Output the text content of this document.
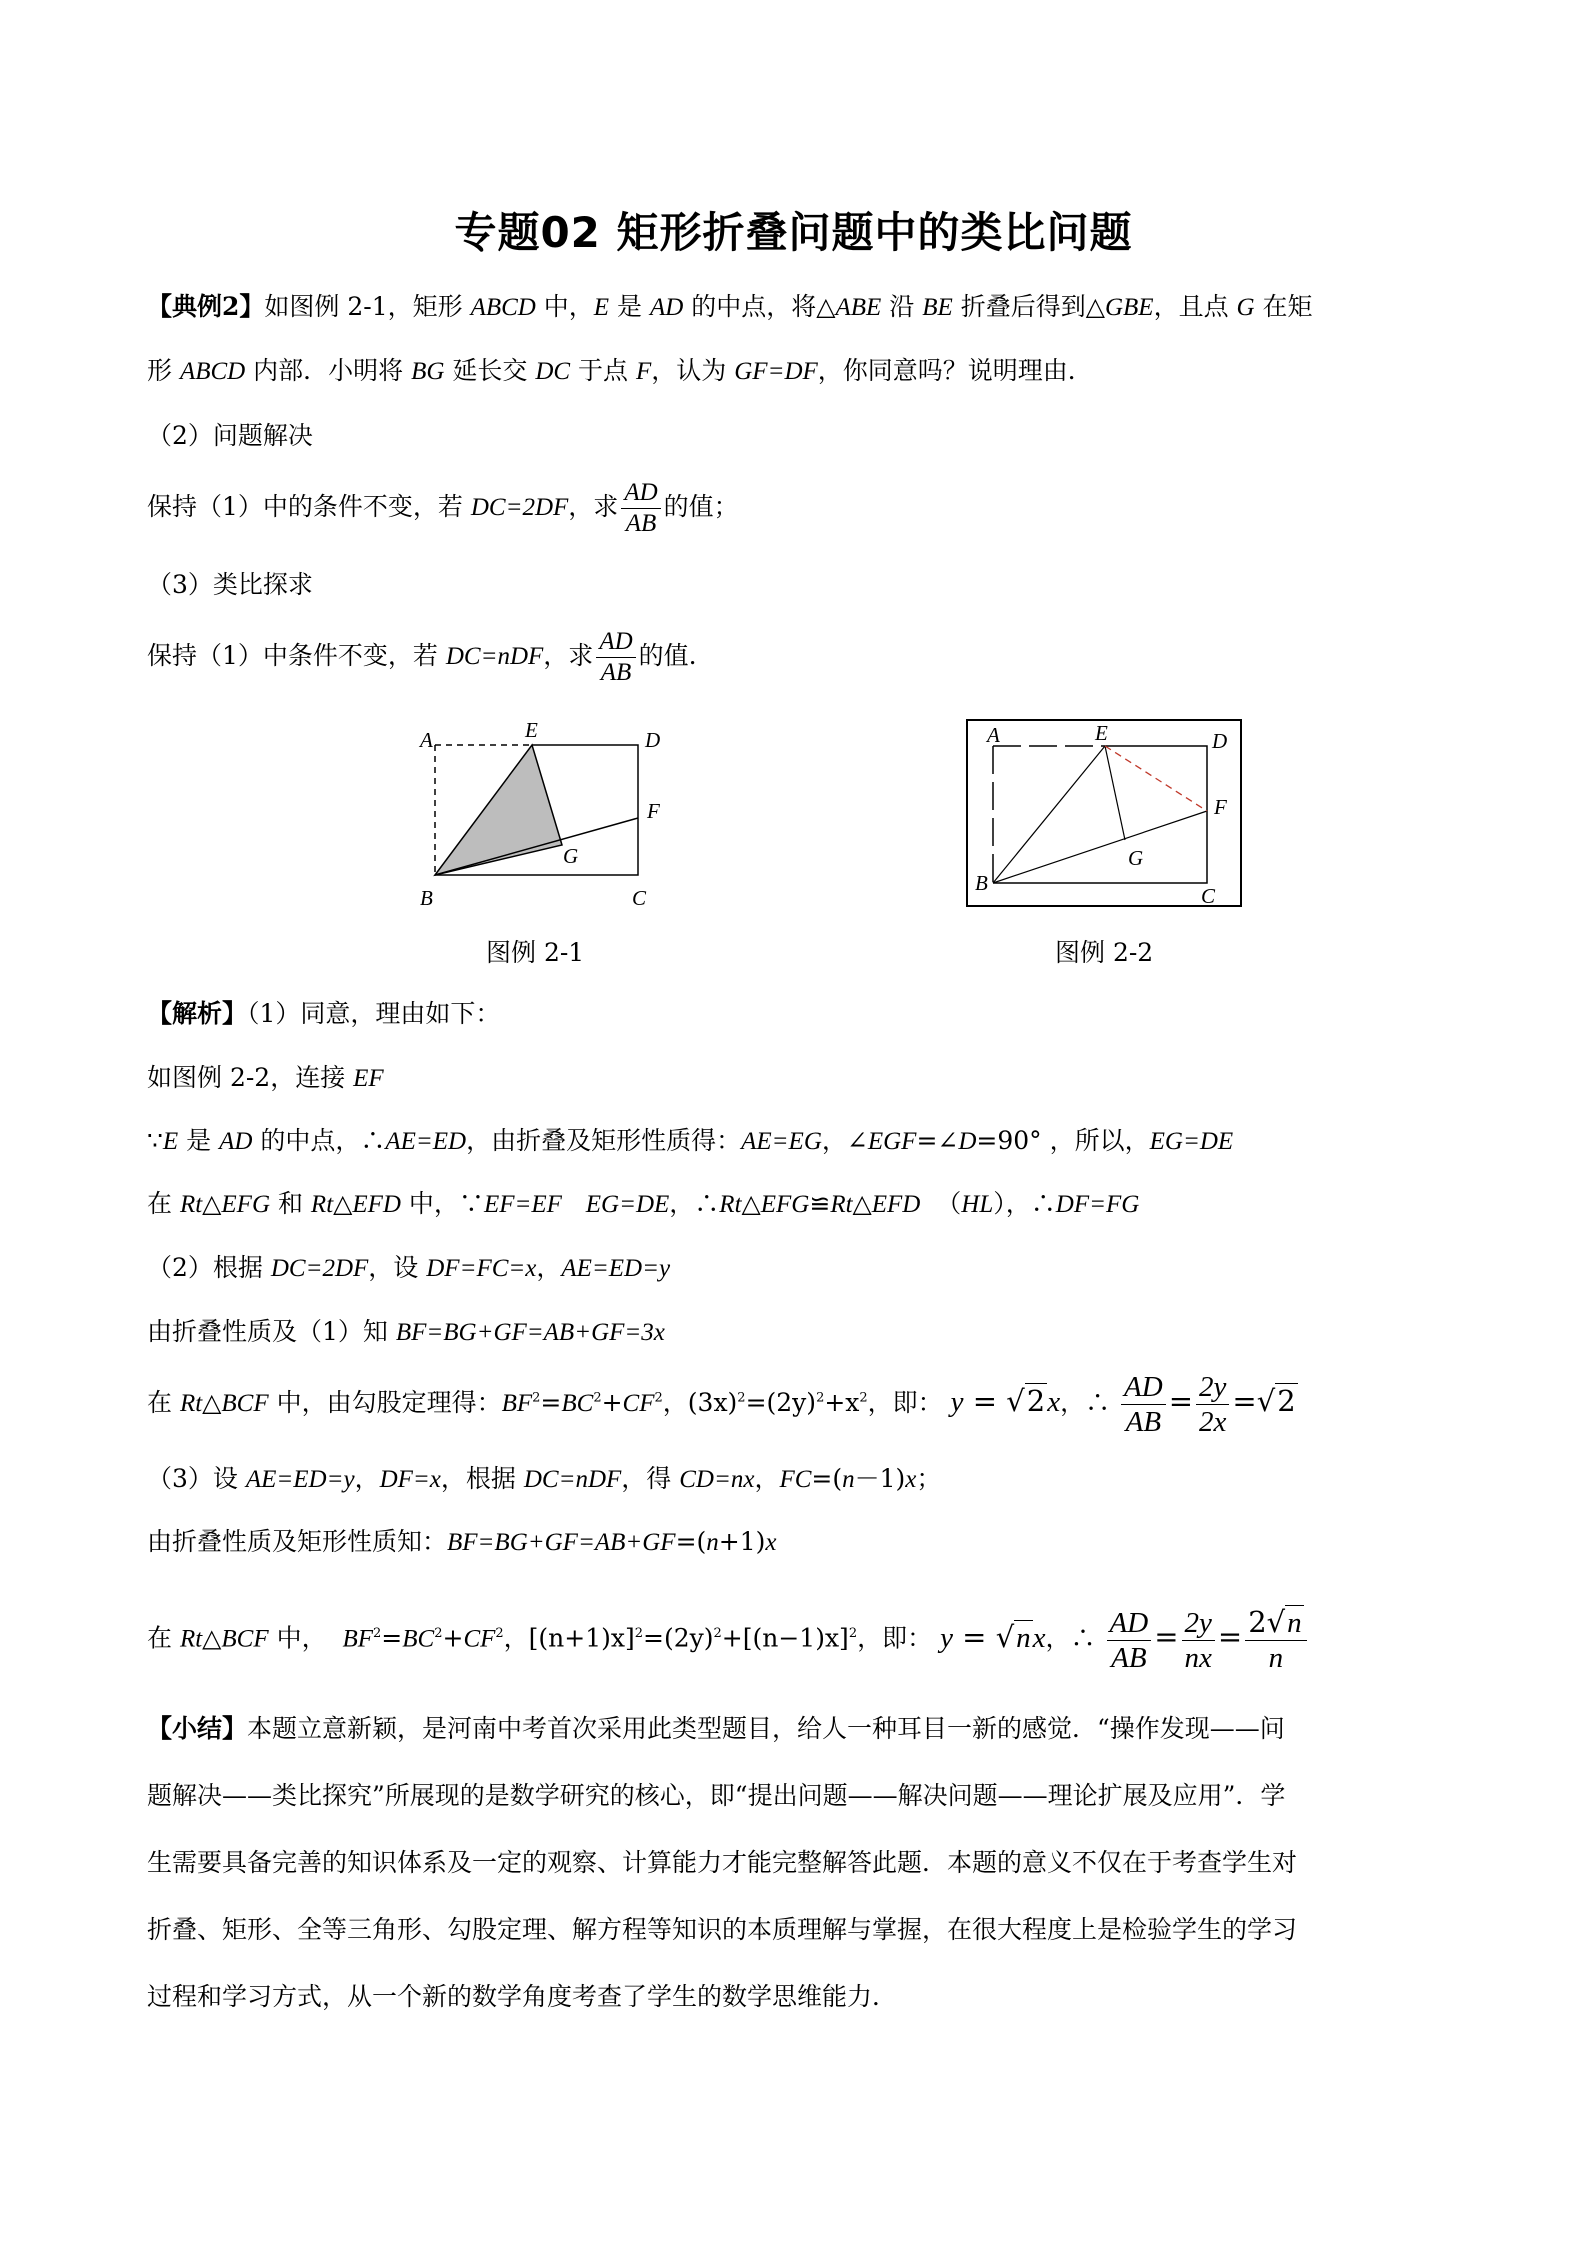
专题02 矩形折叠问题中的类比问题
【典例2】如图例 2-1，矩形 ABCD 中，E 是 AD 的中点，将△ABE 沿 BE 折叠后得到△GBE，且点 G 在矩
形 ABCD 内部．小明将 BG 延长交 DC 于点 F，认为 GF=DF，你同意吗？说明理由．
（2）问题解决
保持（1）中的条件不变，若 DC=2DF，求 $\frac{AD}{AB}$ 的值；
（3）类比探求
保持（1）中条件不变，若 DC=nDF，求 $\frac{AD}{AB}$ 的值.
A	E	D
F
G
B	C
图例 2-1
A	E	D
F
G
B
C
图例 2-2
【解析】（1）同意，理由如下：
如图例 2-2，连接 EF
∵E 是 AD 的中点，∴AE=ED，由折叠及矩形性质得：AE=EG，∠EGF=∠D=90° ，所以，EG=DE
在 Rt△EFG 和 Rt△EFD 中，∵EF=EF EG=DE，∴Rt△EFG≌Rt△EFD  （HL），∴DF=FG
（2）根据 DC=2DF，设 DF=FC=x，AE=ED=y
由折叠性质及（1）知 BF=BG+GF=AB+GF=3x
在 Rt△BCF 中，由勾股定理得：$BF^2=BC^2+CF^2$，$(3x)^2=(2y)^2+x^2$，即： y = √2x，∴ $\frac{AD}{AB} = \frac{2y}{2x} =√2$
（3）设 AE=ED=y，DF=x，根据 DC=nDF，得 CD=nx，FC=(n－1)x；
由折叠性质及矩形性质知：BF=BG+GF=AB+GF=(n+1)x
在 Rt△BCF 中，  $BF^2=BC^2+CF^2$，$[(n+1)x]^2=(2y)^2+[(n-1)x]^2$，即： y = √nx，∴ $\frac{AD}{AB} = \frac{2y}{nx} = \frac{2√n}{n}$
【小结】本题立意新颖，是河南中考首次采用此类型题目，给人一种耳目一新的感觉．“操作发现——问
题解决——类比探究”所展现的是数学研究的核心，即“提出问题——解决问题——理论扩展及应用”．学
生需要具备完善的知识体系及一定的观察、计算能力才能完整解答此题．本题的意义不仅在于考查学生对
折叠、矩形、全等三角形、勾股定理、解方程等知识的本质理解与掌握，在很大程度上是检验学生的学习
过程和学习方式，从一个新的数学角度考查了学生的数学思维能力．
